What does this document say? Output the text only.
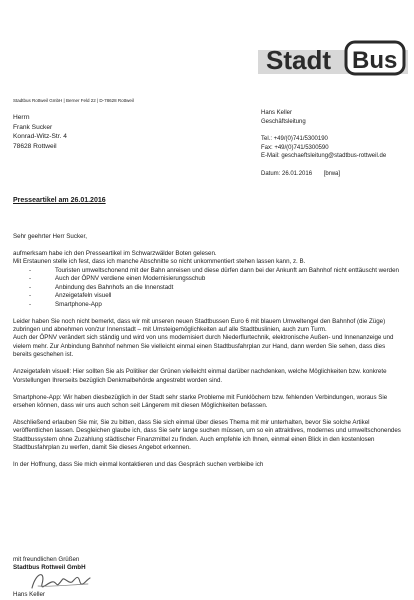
Stadt Bus
Stadtbus Rottweil GmbH | Berner Feld 22 | D-78628 Rottweil
Herrn
Frank Sucker
Konrad-Witz-Str. 4
78628 Rottweil
Hans Keller
Geschäftsleitung
Tel.: +49/(0)741/5300190
Fax: +49/(0)741/5300590
E-Mail: geschaeftsleitung@stadtbus-rottweil.de
Datum: 26.01.2016 [brwa]
Presseartikel am 26.01.2016

Sehr geehrter Herr Sucker,

aufmerksam habe ich den Presseartikel im Schwarzwälder Boten gelesen.

Mit Erstaunen stelle ich fest, dass ich manche Abschnitte so nicht unkommentiert stehen lassen kann, z. B.

- Touristen umweltschonend mit der Bahn anreisen und diese dürfen dann bei der Ankunft am Bahnhof nicht enttäuscht werden
- Auch der ÖPNV verdiene einen Modernisierungsschub
- Anbindung des Bahnhofs an die Innenstadt
- Anzeigetafeln visuell
- Smartphone-App

Leider haben Sie noch nicht bemerkt, dass wir mit unseren neuen Stadtbussen Euro 6 mit blauem Umweltengel den Bahnhof (die Züge) zubringen und abnehmen von/zur Innenstadt – mit Umsteigemöglichkeiten auf alle Stadtbuslinien, auch zum Turm.

Auch der ÖPNV verändert sich ständig und wird von uns modernisiert durch Niederflurtechnik, elektronische Außen- und Innenanzeige und vielem mehr. Zur Anbindung Bahnhof nehmen Sie vielleicht einmal einen Stadtbusfahrplan zur Hand, dann werden Sie sehen, dass dies bereits geschehen ist.

Anzeigetafeln visuell: Hier sollten Sie als Politiker der Grünen vielleicht einmal darüber nachdenken, welche Möglichkeiten bzw. konkrete Vorstellungen Ihrerseits bezüglich Denkmalbehörde angestrebt worden sind.

Smartphone-App: Wir haben diesbezüglich in der Stadt sehr starke Probleme mit Funklöchern bzw. fehlenden Verbindungen, woraus Sie ersehen können, dass wir uns auch schon seit Längerem mit diesen Möglichkeiten befassen.

Abschließend erlauben Sie mir, Sie zu bitten, dass Sie sich einmal über dieses Thema mit mir unterhalten, bevor Sie solche Artikel veröffentlichen lassen. Desgleichen glaube ich, dass Sie sehr lange suchen müssen, um so ein attraktives, modernes und umweltschonendes Stadtbussystem ohne Zuzahlung städtischer Finanzmittel zu finden. Auch empfehle ich Ihnen, einmal einen Blick in den kostenlosen Stadtbusfahrplan zu werfen, damit Sie dieses Angebot erkennen.

In der Hoffnung, dass Sie mich einmal kontaktieren und das Gespräch suchen verbleibe ich

mit freundlichen Grüßen
Stadtbus Rottweil GmbH
Hans Keller
